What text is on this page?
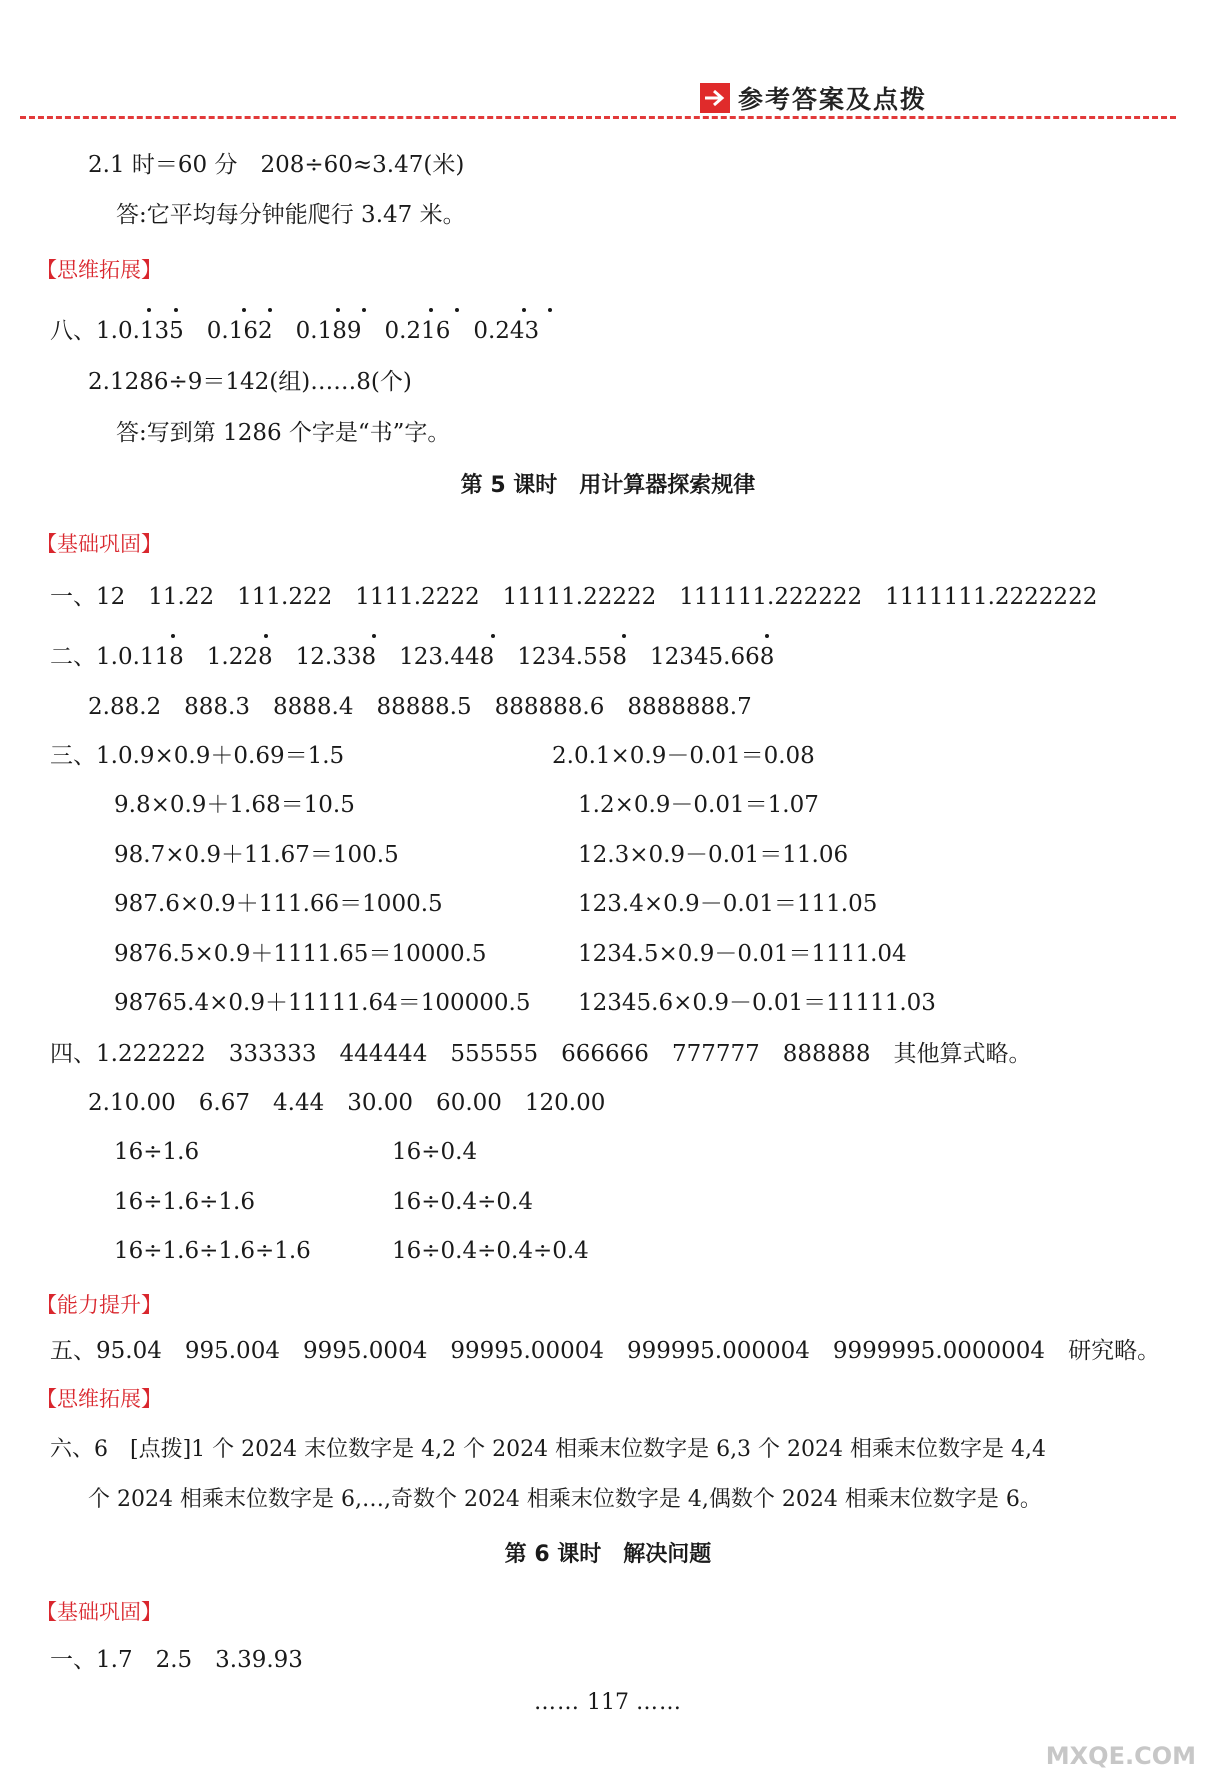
参考答案及点拨
2.1 时＝60 分　208÷60≈3.47(米)
答:它平均每分钟能爬行 3.47 米。
【思维拓展】
八、1.0.135　0.162　0.189　0.216　0.243
2.1286÷9＝142(组)……8(个)
答:写到第 1286 个字是“书”字。
第 5 课时　用计算器探索规律
【基础巩固】
一、12　11.22　111.222　1111.2222　11111.22222　111111.222222　1111111.2222222
二、1.0.118　1.228　12.338　123.448　1234.558　12345.668
2.88.2　888.3　8888.4　88888.5　888888.6　8888888.7
三、1.0.9×0.9＋0.69＝1.5	2.0.1×0.9－0.01＝0.08
9.8×0.9＋1.68＝10.5	1.2×0.9－0.01＝1.07
98.7×0.9＋11.67＝100.5	12.3×0.9－0.01＝11.06
987.6×0.9＋111.66＝1000.5	123.4×0.9－0.01＝111.05
9876.5×0.9＋1111.65＝10000.5	1234.5×0.9－0.01＝1111.04
98765.4×0.9＋11111.64＝100000.5 12345.6×0.9－0.01＝11111.03
四、1.222222　333333　444444　555555　666666　777777　888888　其他算式略。
2.10.00　6.67　4.44　30.00　60.00　120.00
16÷1.6	16÷0.4
16÷1.6÷1.6	16÷0.4÷0.4
16÷1.6÷1.6÷1.6	16÷0.4÷0.4÷0.4
【能力提升】
五、95.04　995.004　9995.0004　99995.00004　999995.000004　9999995.0000004　研究略。
【思维拓展】
六、6　[点拨]1 个 2024 末位数字是 4,2 个 2024 相乘末位数字是 6,3 个 2024 相乘末位数字是 4,4
个 2024 相乘末位数字是 6,…,奇数个 2024 相乘末位数字是 4,偶数个 2024 相乘末位数字是 6。
第 6 课时　解决问题
【基础巩固】
一、1.7　2.5　3.39.93
…… 117 ……
MXQE.COM
